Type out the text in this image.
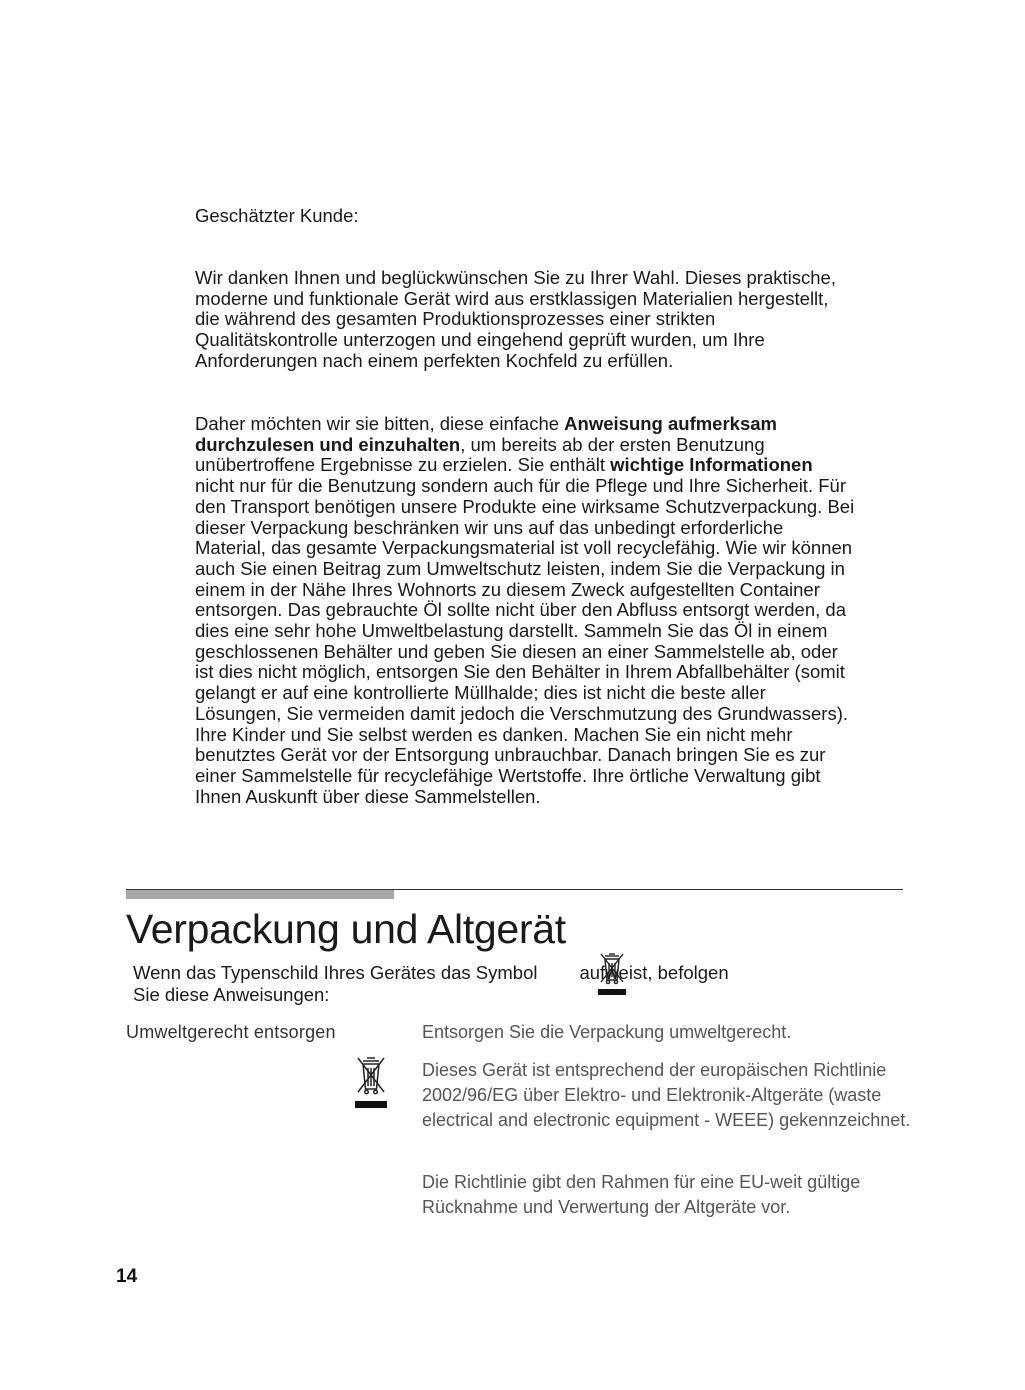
Geschätzter Kunde:

Wir danken Ihnen und beglückwünschen Sie zu Ihrer Wahl. Dieses praktische, moderne und funktionale Gerät wird aus erstklassigen Materialien hergestellt, die während des gesamten Produktionsprozesses einer strikten Qualitätskontrolle unterzogen und eingehend geprüft wurden, um Ihre Anforderungen nach einem perfekten Kochfeld zu erfüllen.

Daher möchten wir sie bitten, diese einfache Anweisung aufmerksam durchzulesen und einzuhalten, um bereits ab der ersten Benutzung unübertroffene Ergebnisse zu erzielen. Sie enthält wichtige Informationen nicht nur für die Benutzung sondern auch für die Pflege und Ihre Sicherheit. Für den Transport benötigen unsere Produkte eine wirksame Schutzverpackung. Bei dieser Verpackung beschränken wir uns auf das unbedingt erforderliche Material, das gesamte Verpackungsmaterial ist voll recyclefähig. Wie wir können auch Sie einen Beitrag zum Umweltschutz leisten, indem Sie die Verpackung in einem in der Nähe Ihres Wohnorts zu diesem Zweck aufgestellten Container entsorgen. Das gebrauchte Öl sollte nicht über den Abfluss entsorgt werden, da dies eine sehr hohe Umweltbelastung darstellt. Sammeln Sie das Öl in einem geschlossenen Behälter und geben Sie diesen an einer Sammelstelle ab, oder ist dies nicht möglich, entsorgen Sie den Behälter in Ihrem Abfallbehälter (somit gelangt er auf eine kontrollierte Müllhalde; dies ist nicht die beste aller Lösungen, Sie vermeiden damit jedoch die Verschmutzung des Grundwassers). Ihre Kinder und Sie selbst werden es danken. Machen Sie ein nicht mehr benutztes Gerät vor der Entsorgung unbrauchbar. Danach bringen Sie es zur einer Sammelstelle für recyclefähige Wertstoffe. Ihre örtliche Verwaltung gibt Ihnen Auskunft über diese Sammelstellen.

Verpackung und Altgerät
Wenn das Typenschild Ihres Gerätes das Symbol aufweist, befolgen
Sie diese Anweisungen:
Umweltgerecht entsorgen	Entsorgen Sie die Verpackung umweltgerecht.
Dieses Gerät ist entsprechend der europäischen Richtlinie 2002/96/EG über Elektro- und Elektronik-Altgeräte (waste electrical and electronic equipment - WEEE) gekennzeichnet.
Die Richtlinie gibt den Rahmen für eine EU-weit gültige Rücknahme und Verwertung der Altgeräte vor.
14
